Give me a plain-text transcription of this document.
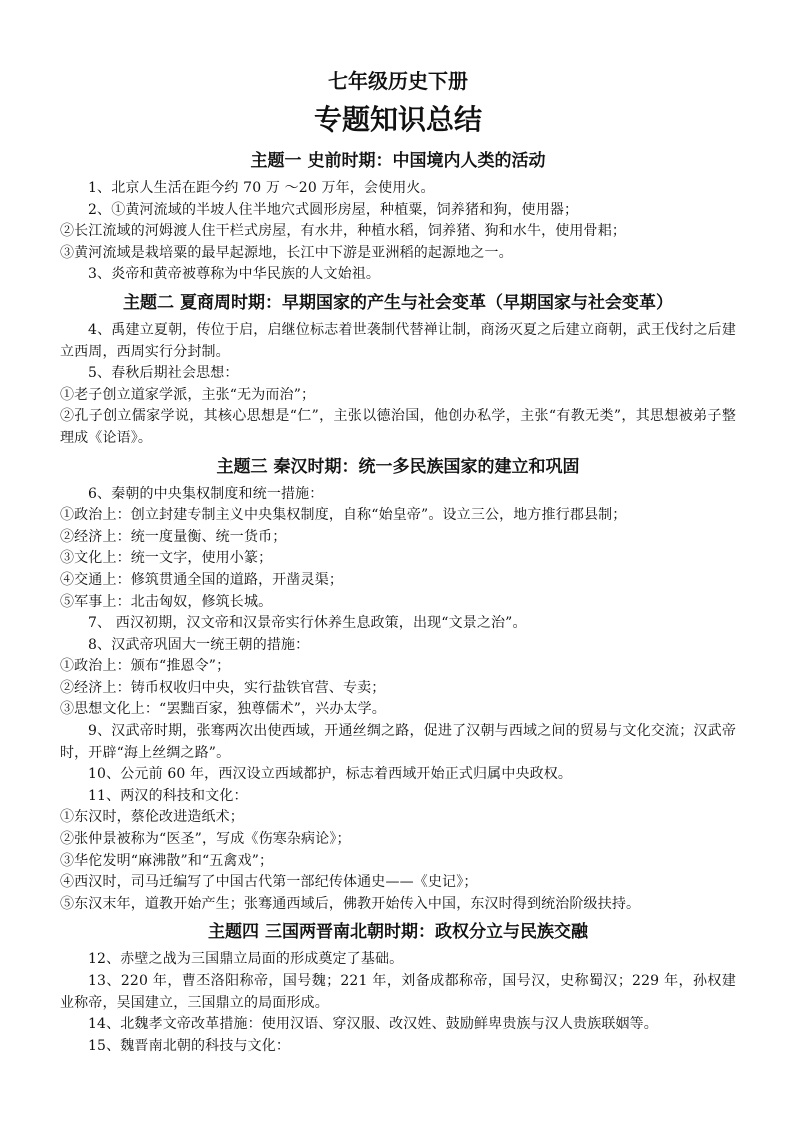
七年级历史下册
专题知识总结
主题一 史前时期：中国境内人类的活动

1、北京人生活在距今约 70 万 ～20 万年，会使用火。

2、①黄河流域的半坡人住半地穴式圆形房屋，种植粟，饲养猪和狗，使用器；

②长江流域的河姆渡人住干栏式房屋，有水井，种植水稻，饲养猪、狗和水牛，使用骨耜；

③黄河流域是栽培粟的最早起源地，长江中下游是亚洲稻的起源地之一。

3、炎帝和黄帝被尊称为中华民族的人文始祖。

主题二 夏商周时期：早期国家的产生与社会变革（早期国家与社会变革）

4、禹建立夏朝，传位于启，启继位标志着世袭制代替禅让制，商汤灭夏之后建立商朝，武王伐纣之后建立西周，西周实行分封制。

5、春秋后期社会思想：

①老子创立道家学派，主张“无为而治”；

②孔子创立儒家学说，其核心思想是“仁”，主张以德治国，他创办私学，主张“有教无类”，其思想被弟子整理成《论语》。

主题三 秦汉时期：统一多民族国家的建立和巩固

6、秦朝的中央集权制度和统一措施：

①政治上：创立封建专制主义中央集权制度，自称“始皇帝”。设立三公，地方推行郡县制；

②经济上：统一度量衡、统一货币；

③文化上：统一文字，使用小篆；

④交通上：修筑贯通全国的道路，开凿灵渠；

⑤军事上：北击匈奴，修筑长城。

7、 西汉初期，汉文帝和汉景帝实行休养生息政策，出现“文景之治”。

8、汉武帝巩固大一统王朝的措施：

①政治上：颁布“推恩令”；

②经济上：铸币权收归中央，实行盐铁官营、专卖；

③思想文化上：“罢黜百家，独尊儒术”，兴办太学。

9、汉武帝时期，张骞两次出使西域，开通丝绸之路，促进了汉朝与西域之间的贸易与文化交流；汉武帝时，开辟“海上丝绸之路”。

10、公元前 60 年，西汉设立西域都护，标志着西域开始正式归属中央政权。

11、两汉的科技和文化：

①东汉时，蔡伦改进造纸术；

②张仲景被称为“医圣”，写成《伤寒杂病论》；

③华佗发明“麻沸散”和“五禽戏”；

④西汉时，司马迁编写了中国古代第一部纪传体通史——《史记》；

⑤东汉末年，道教开始产生；张骞通西域后，佛教开始传入中国，东汉时得到统治阶级扶持。

主题四 三国两晋南北朝时期：政权分立与民族交融

12、赤壁之战为三国鼎立局面的形成奠定了基础。

13、220 年，曹丕洛阳称帝，国号魏；221 年，刘备成都称帝，国号汉，史称蜀汉；229 年，孙权建业称帝，吴国建立，三国鼎立的局面形成。

14、北魏孝文帝改革措施：使用汉语、穿汉服、改汉姓、鼓励鲜卑贵族与汉人贵族联姻等。

15、魏晋南北朝的科技与文化：
